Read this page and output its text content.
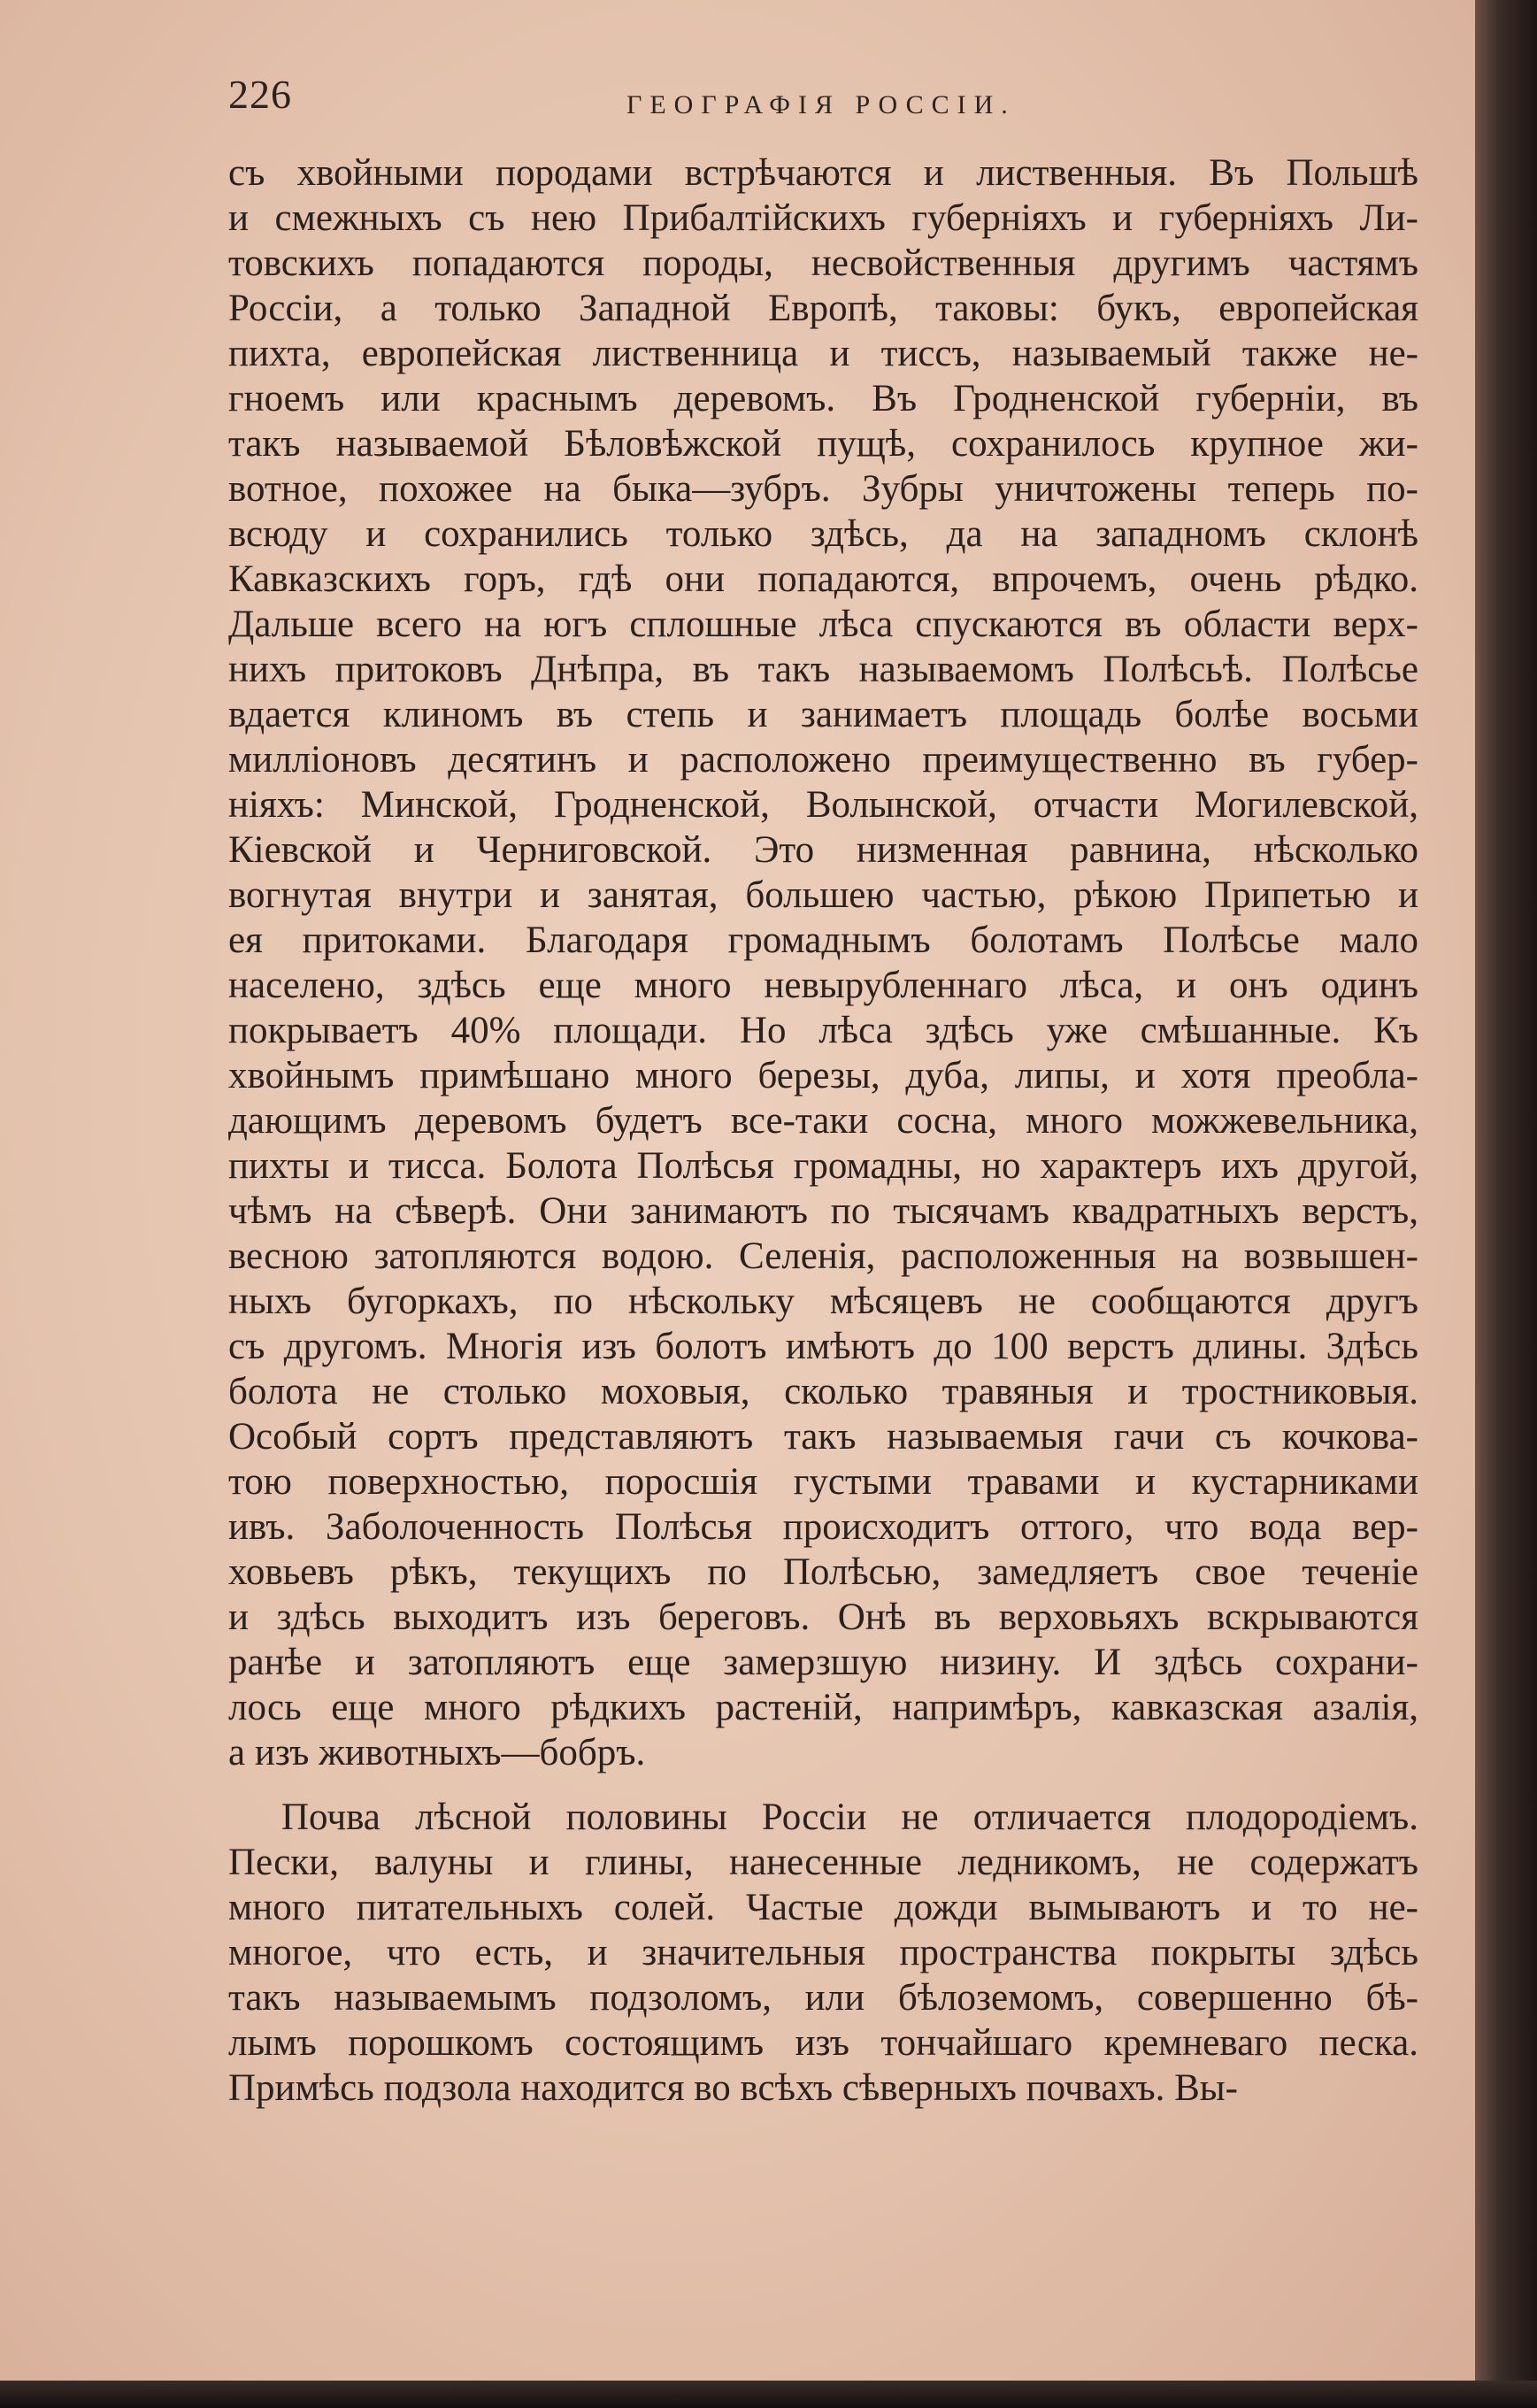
226	ГЕОГРАФІЯ РОССІИ.
съ хвойными породами встрѣчаются и лиственныя. Въ Польшѣ
и смежныхъ съ нею Прибалтійскихъ губерніяхъ и губерніяхъ Ли-
товскихъ попадаются породы, несвойственныя другимъ частямъ
Россіи, а только Западной Европѣ, таковы: букъ, европейская
пихта, европейская лиственница и тиссъ, называемый также не-
гноемъ или краснымъ деревомъ. Въ Гродненской губерніи, въ
такъ называемой Бѣловѣжской пущѣ, сохранилось крупное жи-
вотное, похожее на быка—зубръ. Зубры уничтожены теперь по-
всюду и сохранились только здѣсь, да на западномъ склонѣ
Кавказскихъ горъ, гдѣ они попадаются, впрочемъ, очень рѣдко.
Дальше всего на югъ сплошные лѣса спускаются въ области верх-
нихъ притоковъ Днѣпра, въ такъ называемомъ Полѣсьѣ. Полѣсье
вдается клиномъ въ степь и занимаетъ площадь болѣе восьми
милліоновъ десятинъ и расположено преимущественно въ губер-
ніяхъ: Минской, Гродненской, Волынской, отчасти Могилевской,
Кіевской и Черниговской. Это низменная равнина, нѣсколько
вогнутая внутри и занятая, большею частью, рѣкою Припетью и
ея притоками. Благодаря громаднымъ болотамъ Полѣсье мало
населено, здѣсь еще много невырубленнаго лѣса, и онъ одинъ
покрываетъ 40% площади. Но лѣса здѣсь уже смѣшанные. Къ
хвойнымъ примѣшано много березы, дуба, липы, и хотя преобла-
дающимъ деревомъ будетъ все-таки сосна, много можжевельника,
пихты и тисса. Болота Полѣсья громадны, но характеръ ихъ другой,
чѣмъ на сѣверѣ. Они занимаютъ по тысячамъ квадратныхъ верстъ,
весною затопляются водою. Селенія, расположенныя на возвышен-
ныхъ бугоркахъ, по нѣскольку мѣсяцевъ не сообщаются другъ
съ другомъ. Многія изъ болотъ имѣютъ до 100 верстъ длины. Здѣсь
болота не столько моховыя, сколько травяныя и тростниковыя.
Особый сортъ представляютъ такъ называемыя гачи съ кочкова-
тою поверхностью, поросшія густыми травами и кустарниками
ивъ. Заболоченность Полѣсья происходитъ оттого, что вода вер-
ховьевъ рѣкъ, текущихъ по Полѣсью, замедляетъ свое теченіе
и здѣсь выходитъ изъ береговъ. Онѣ въ верховьяхъ вскрываются
ранѣе и затопляютъ еще замерзшую низину. И здѣсь сохрани-
лось еще много рѣдкихъ растеній, напримѣръ, кавказская азалія,
а изъ животныхъ—бобръ.
Почва лѣсной половины Россіи не отличается плодородіемъ.
Пески, валуны и глины, нанесенные ледникомъ, не содержатъ
много питательныхъ солей. Частые дожди вымываютъ и то не-
многое, что есть, и значительныя пространства покрыты здѣсь
такъ называемымъ подзоломъ, или бѣлоземомъ, совершенно бѣ-
лымъ порошкомъ состоящимъ изъ тончайшаго кремневаго песка.
Примѣсь подзола находится во всѣхъ сѣверныхъ почвахъ. Вы-
